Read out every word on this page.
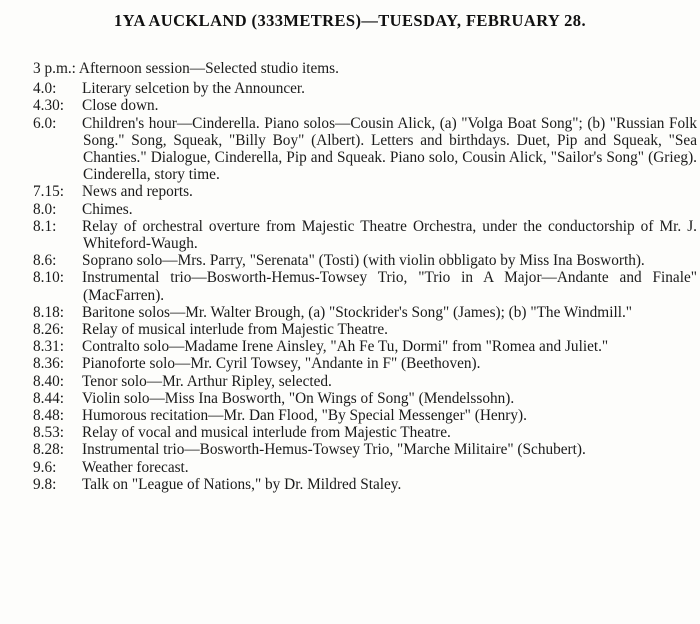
1YA AUCKLAND (333METRES)—TUESDAY, FEBRUARY 28.
3 p.m.: Afternoon session—Selected studio items.
4.0:	Literary selcetion by the Announcer.
4.30:	Close down.
6.0:	Children's hour—Cinderella. Piano solos—Cousin Alick, (a) "Volga Boat Song"; (b) "Russian Folk Song." Song, Squeak, "Billy Boy" (Albert). Letters and birthdays. Duet, Pip and Squeak, "Sea Chanties." Dialogue, Cinderella, Pip and Squeak. Piano solo, Cousin Alick, "Sailor's Song" (Grieg). Cinderella, story time.
7.15:	News and reports.
8.0:	Chimes.
8.1:	Relay of orchestral overture from Majestic Theatre Orchestra, under the conductorship of Mr. J. Whiteford-Waugh.
8.6:	Soprano solo—Mrs. Parry, "Serenata" (Tosti) (with violin obbligato by Miss Ina Bosworth).
8.10:	Instrumental trio—Bosworth-Hemus-Towsey Trio, "Trio in A Major—Andante and Finale" (MacFarren).
8.18:	Baritone solos—Mr. Walter Brough, (a) "Stockrider's Song" (James); (b) "The Windmill."
8.26:	Relay of musical interlude from Majestic Theatre.
8.31:	Contralto solo—Madame Irene Ainsley, "Ah Fe Tu, Dormi" from "Romea and Juliet."
8.36:	Pianoforte solo—Mr. Cyril Towsey, "Andante in F" (Beethoven).
8.40:	Tenor solo—Mr. Arthur Ripley, selected.
8.44:	Violin solo—Miss Ina Bosworth, "On Wings of Song" (Mendelssohn).
8.48:	Humorous recitation—Mr. Dan Flood, "By Special Messenger" (Henry).
8.53:	Relay of vocal and musical interlude from Majestic Theatre.
8.28:	Instrumental trio—Bosworth-Hemus-Towsey Trio, "Marche Militaire" (Schubert).
9.6:	Weather forecast.
9.8:	Talk on "League of Nations," by Dr. Mildred Staley.
